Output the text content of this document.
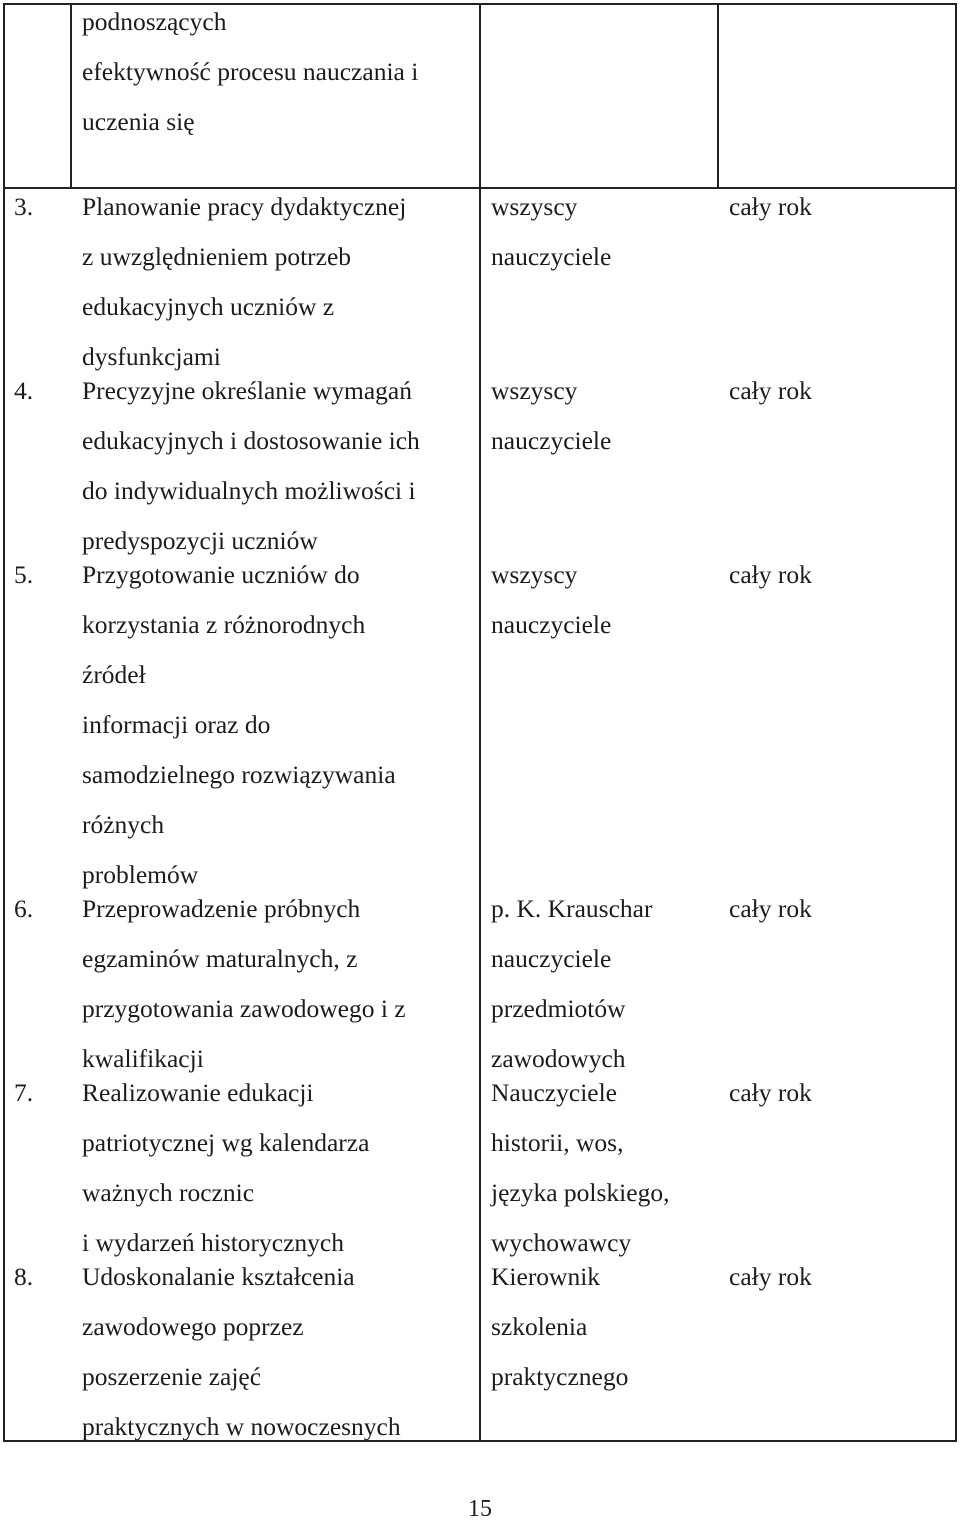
podnoszących
efektywność procesu nauczania i
uczenia się
3. Planowanie pracy dydaktycznej
z uwzględnieniem potrzeb
edukacyjnych uczniów z
dysfunkcjami
wszyscy
nauczyciele
cały rok
4. Precyzyjne określanie wymagań
edukacyjnych i dostosowanie ich
do indywidualnych możliwości i
predyspozycji uczniów
wszyscy
nauczyciele
cały rok
5. Przygotowanie uczniów do
korzystania z różnorodnych
źródeł
informacji oraz do
samodzielnego rozwiązywania
różnych
problemów
wszyscy
nauczyciele
cały rok
6. Przeprowadzenie próbnych
egzaminów maturalnych, z
przygotowania zawodowego i z
kwalifikacji
p. K. Krauschar
nauczyciele
przedmiotów
zawodowych
cały rok
7. Realizowanie edukacji
patriotycznej wg kalendarza
ważnych rocznic
i wydarzeń historycznych
Nauczyciele
historii, wos,
języka polskiego,
wychowawcy
cały rok
8. Udoskonalanie kształcenia
zawodowego poprzez
poszerzenie zajęć
praktycznych w nowoczesnych
Kierownik
szkolenia
praktycznego
cały rok
15
